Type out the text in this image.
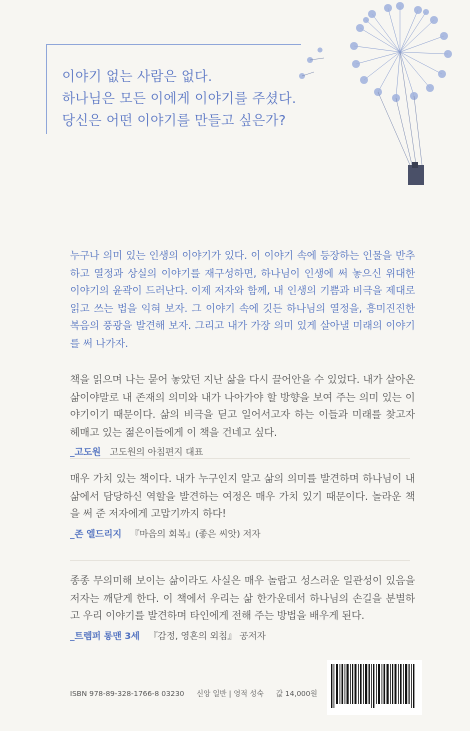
이야기 없는 사람은 없다.
하나님은 모든 이에게 이야기를 주셨다.
당신은 어떤 이야기를 만들고 싶은가?
누구나 의미 있는 인생의 이야기가 있다. 이 이야기 속에 등장하는 인물을 반추하고 열정과 상실의 이야기를 재구성하면, 하나님이 인생에 써 놓으신 위대한 이야기의 윤곽이 드러난다. 이제 저자와 함께, 내 인생의 기쁨과 비극을 제대로 읽고 쓰는 법을 익혀 보자. 그 이야기 속에 깃든 하나님의 열정을, 흥미진진한 복음의 풍광을 발견해 보자. 그리고 내가 가장 의미 있게 살아낼 미래의 이야기를 써 나가자.
책을 읽으며 나는 묻어 놓았던 지난 삶을 다시 끌어안을 수 있었다. 내가 살아온 삶이야말로 내 존재의 의미와 내가 나아가야 할 방향을 보여 주는 의미 있는 이야기이기 때문이다. 삶의 비극을 딛고 일어서고자 하는 이들과 미래를 찾고자 헤매고 있는 젊은이들에게 이 책을 건네고 싶다.
_고도원 고도원의 아침편지 대표
매우 가치 있는 책이다. 내가 누구인지 알고 삶의 의미를 발견하며 하나님이 내 삶에서 담당하신 역할을 발견하는 여정은 매우 가치 있기 때문이다. 놀라운 책을 써 준 저자에게 고맙기까지 하다!
_존 엘드리지 『마음의 회복』(좋은 씨앗) 저자
종종 무의미해 보이는 삶이라도 사실은 매우 놀랍고 성스러운 일관성이 있음을 저자는 깨닫게 한다. 이 책에서 우리는 삶 한가운데서 하나님의 손길을 분별하고 우리 이야기를 발견하며 타인에게 전해 주는 방법을 배우게 된다.
_트렘퍼 롱맨 3세 『감정, 영혼의 외침』 공저자
ISBN 978-89-328-1766-8 03230 신앙 일반 | 영적 성숙 값 14,000원
